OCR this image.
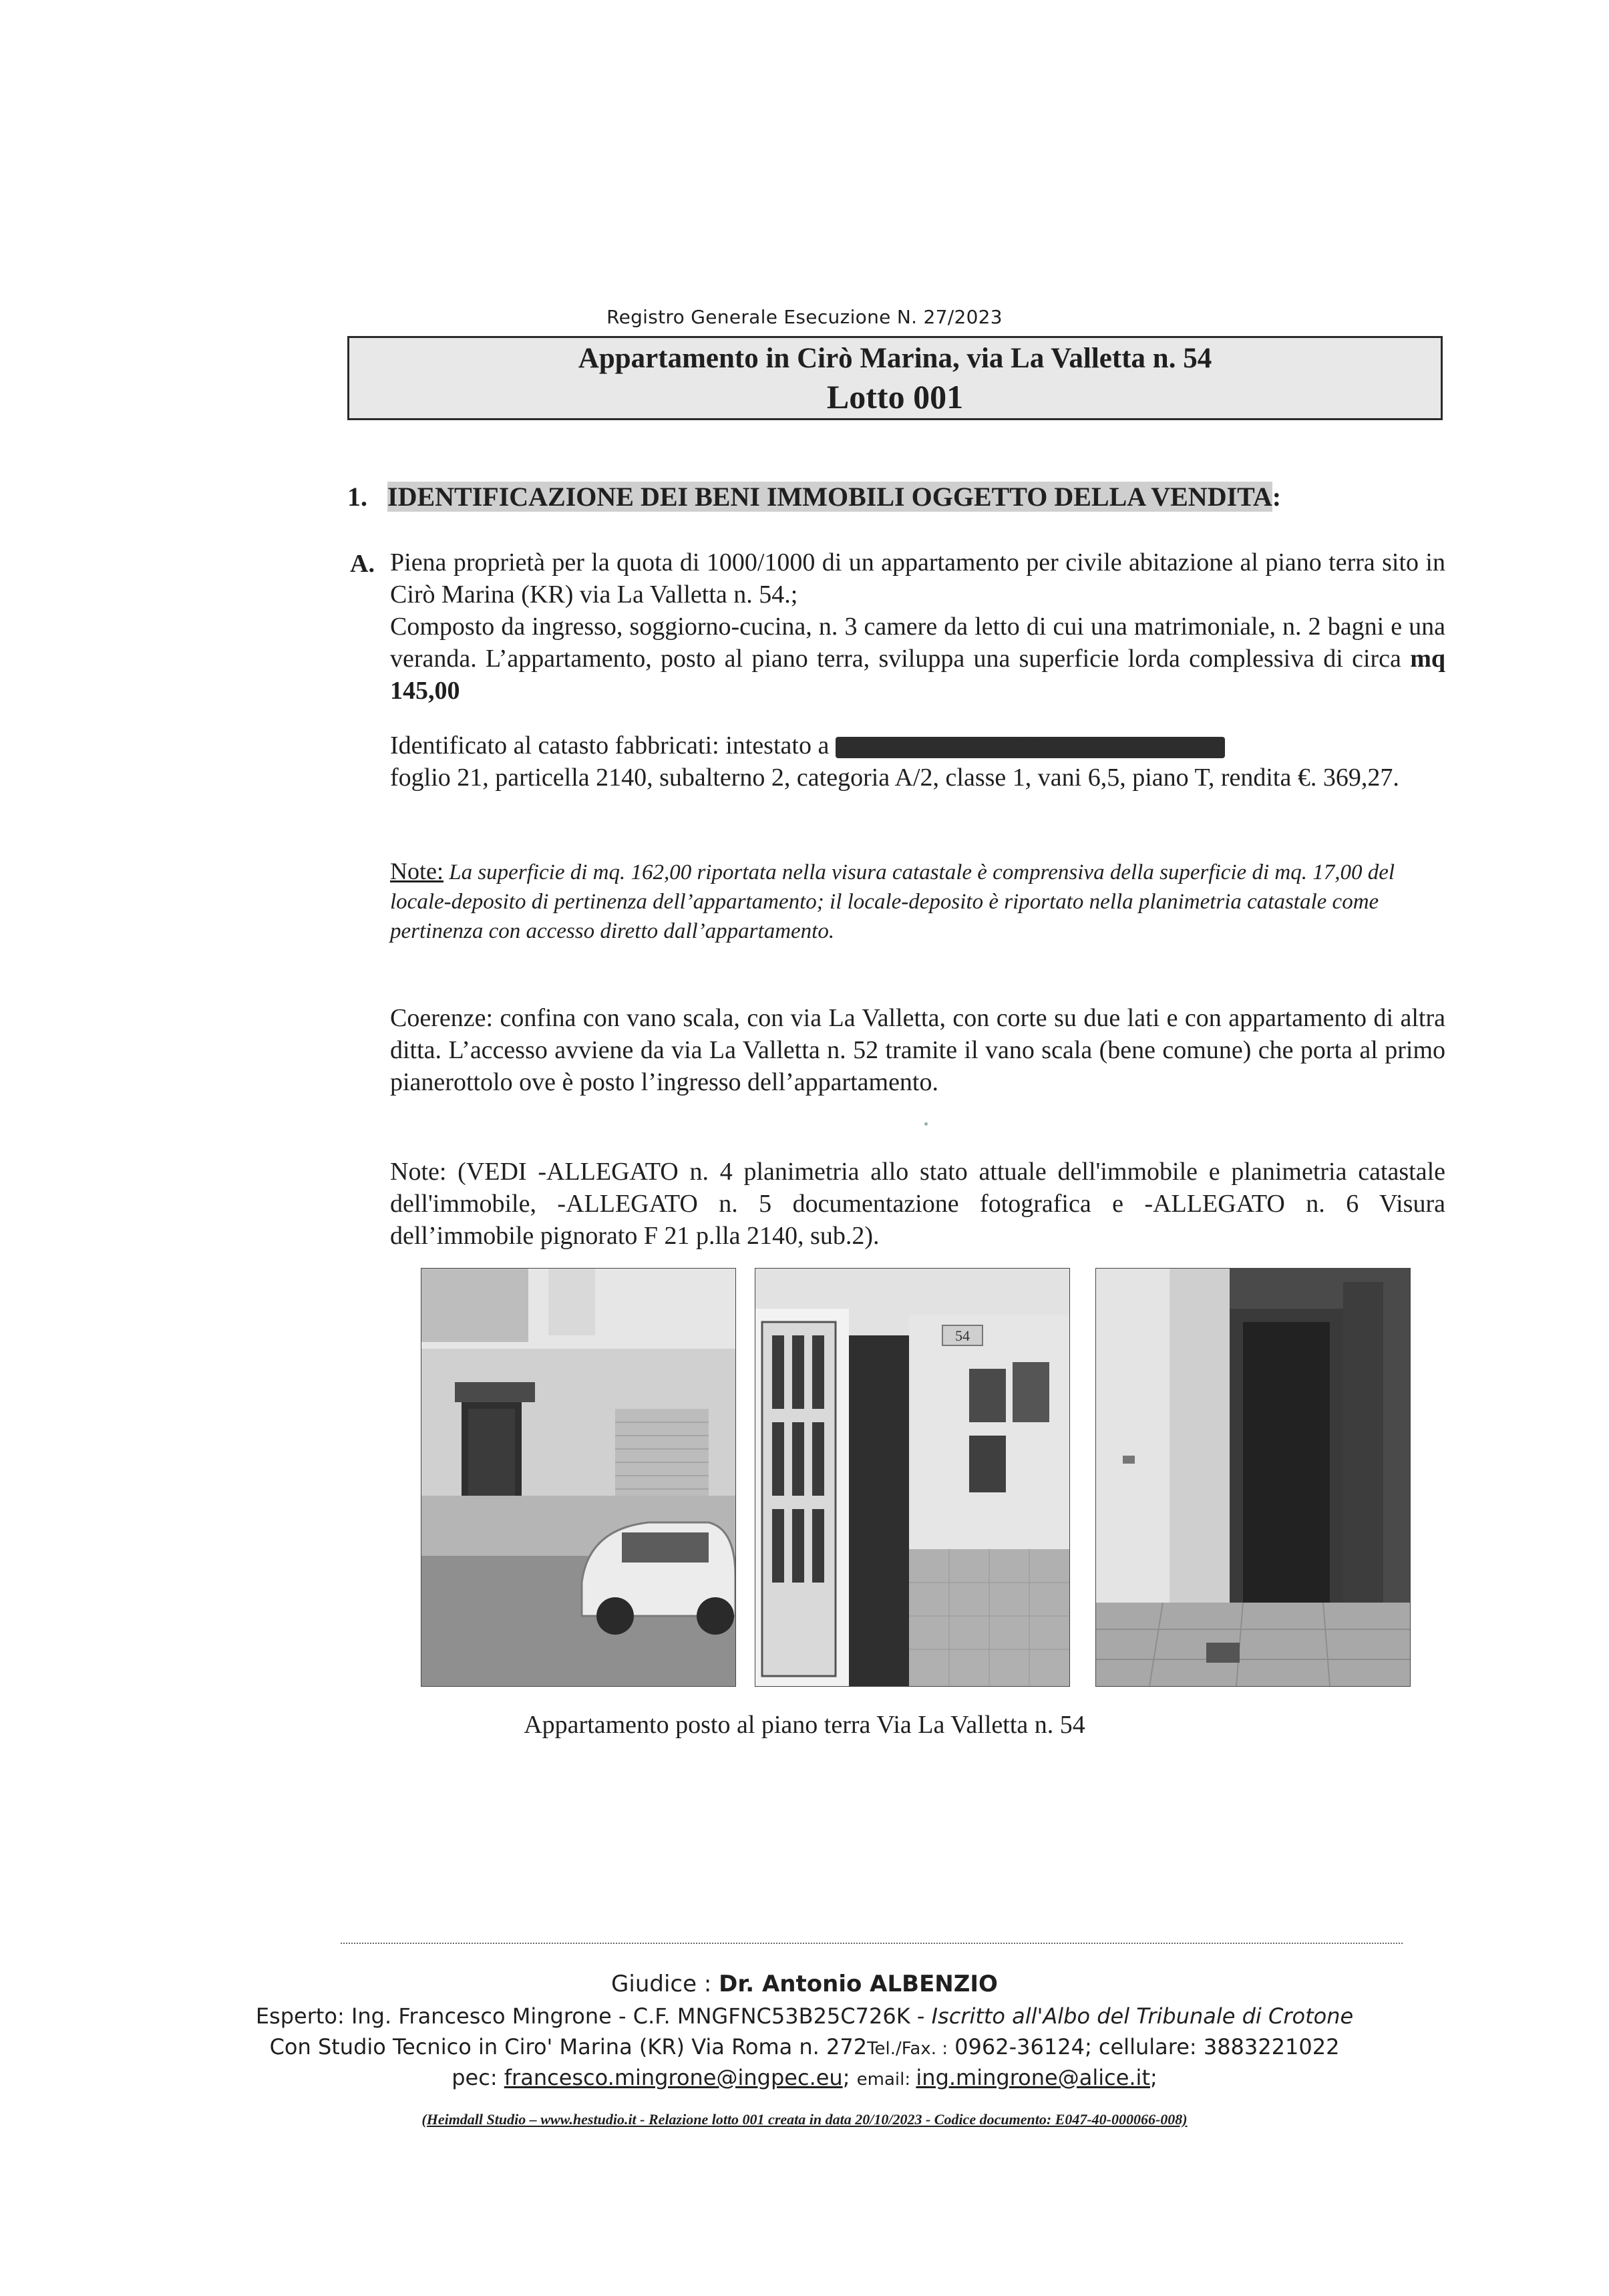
Registro Generale Esecuzione N. 27/2023
Appartamento in Cirò Marina, via La Valletta n. 54
Lotto 001
1. IDENTIFICAZIONE DEI BENI IMMOBILI OGGETTO DELLA VENDITA:
A. Piena proprietà per la quota di 1000/1000 di un appartamento per civile abitazione al piano terra sito in Cirò Marina (KR) via La Valletta n. 54.;
Composto da ingresso, soggiorno-cucina, n. 3 camere da letto di cui una matrimoniale, n. 2 bagni e una veranda. L’appartamento, posto al piano terra, sviluppa una superficie lorda complessiva di circa mq 145,00
Identificato al catasto fabbricati: intestato a Martino Luca nato a Cirò Marina il 05/12/1977
foglio 21, particella 2140, subalterno 2, categoria A/2, classe 1, vani 6,5, piano T, rendita €. 369,27.
Note: La superficie di mq. 162,00 riportata nella visura catastale è comprensiva della superficie di mq. 17,00 del locale-deposito di pertinenza dell’appartamento; il locale-deposito è riportato nella planimetria catastale come pertinenza con accesso diretto dall’appartamento.
Coerenze: confina con vano scala, con via La Valletta, con corte su due lati e con appartamento di altra ditta. L’accesso avviene da via La Valletta n. 52 tramite il vano scala (bene comune) che porta al primo pianerottolo ove è posto l’ingresso dell’appartamento.
Note: (VEDI -ALLEGATO n. 4 planimetria allo stato attuale dell'immobile e planimetria catastale dell'immobile, -ALLEGATO n. 5 documentazione fotografica e -ALLEGATO n. 6 Visura dell’immobile pignorato F 21 p.lla 2140, sub.2).
54
Appartamento posto al piano terra Via La Valletta n. 54
Giudice : Dr. Antonio ALBENZIO
Esperto: Ing. Francesco Mingrone - C.F. MNGFNC53B25C726K - Iscritto all'Albo del Tribunale di Crotone
Con Studio Tecnico in Ciro' Marina (KR) Via Roma n. 272Tel./Fax. : 0962-36124; cellulare: 3883221022
pec: francesco.mingrone@ingpec.eu; email: ing.mingrone@alice.it;
(Heimdall Studio – www.hestudio.it - Relazione lotto 001 creata in data 20/10/2023 - Codice documento: E047-40-000066-008)
